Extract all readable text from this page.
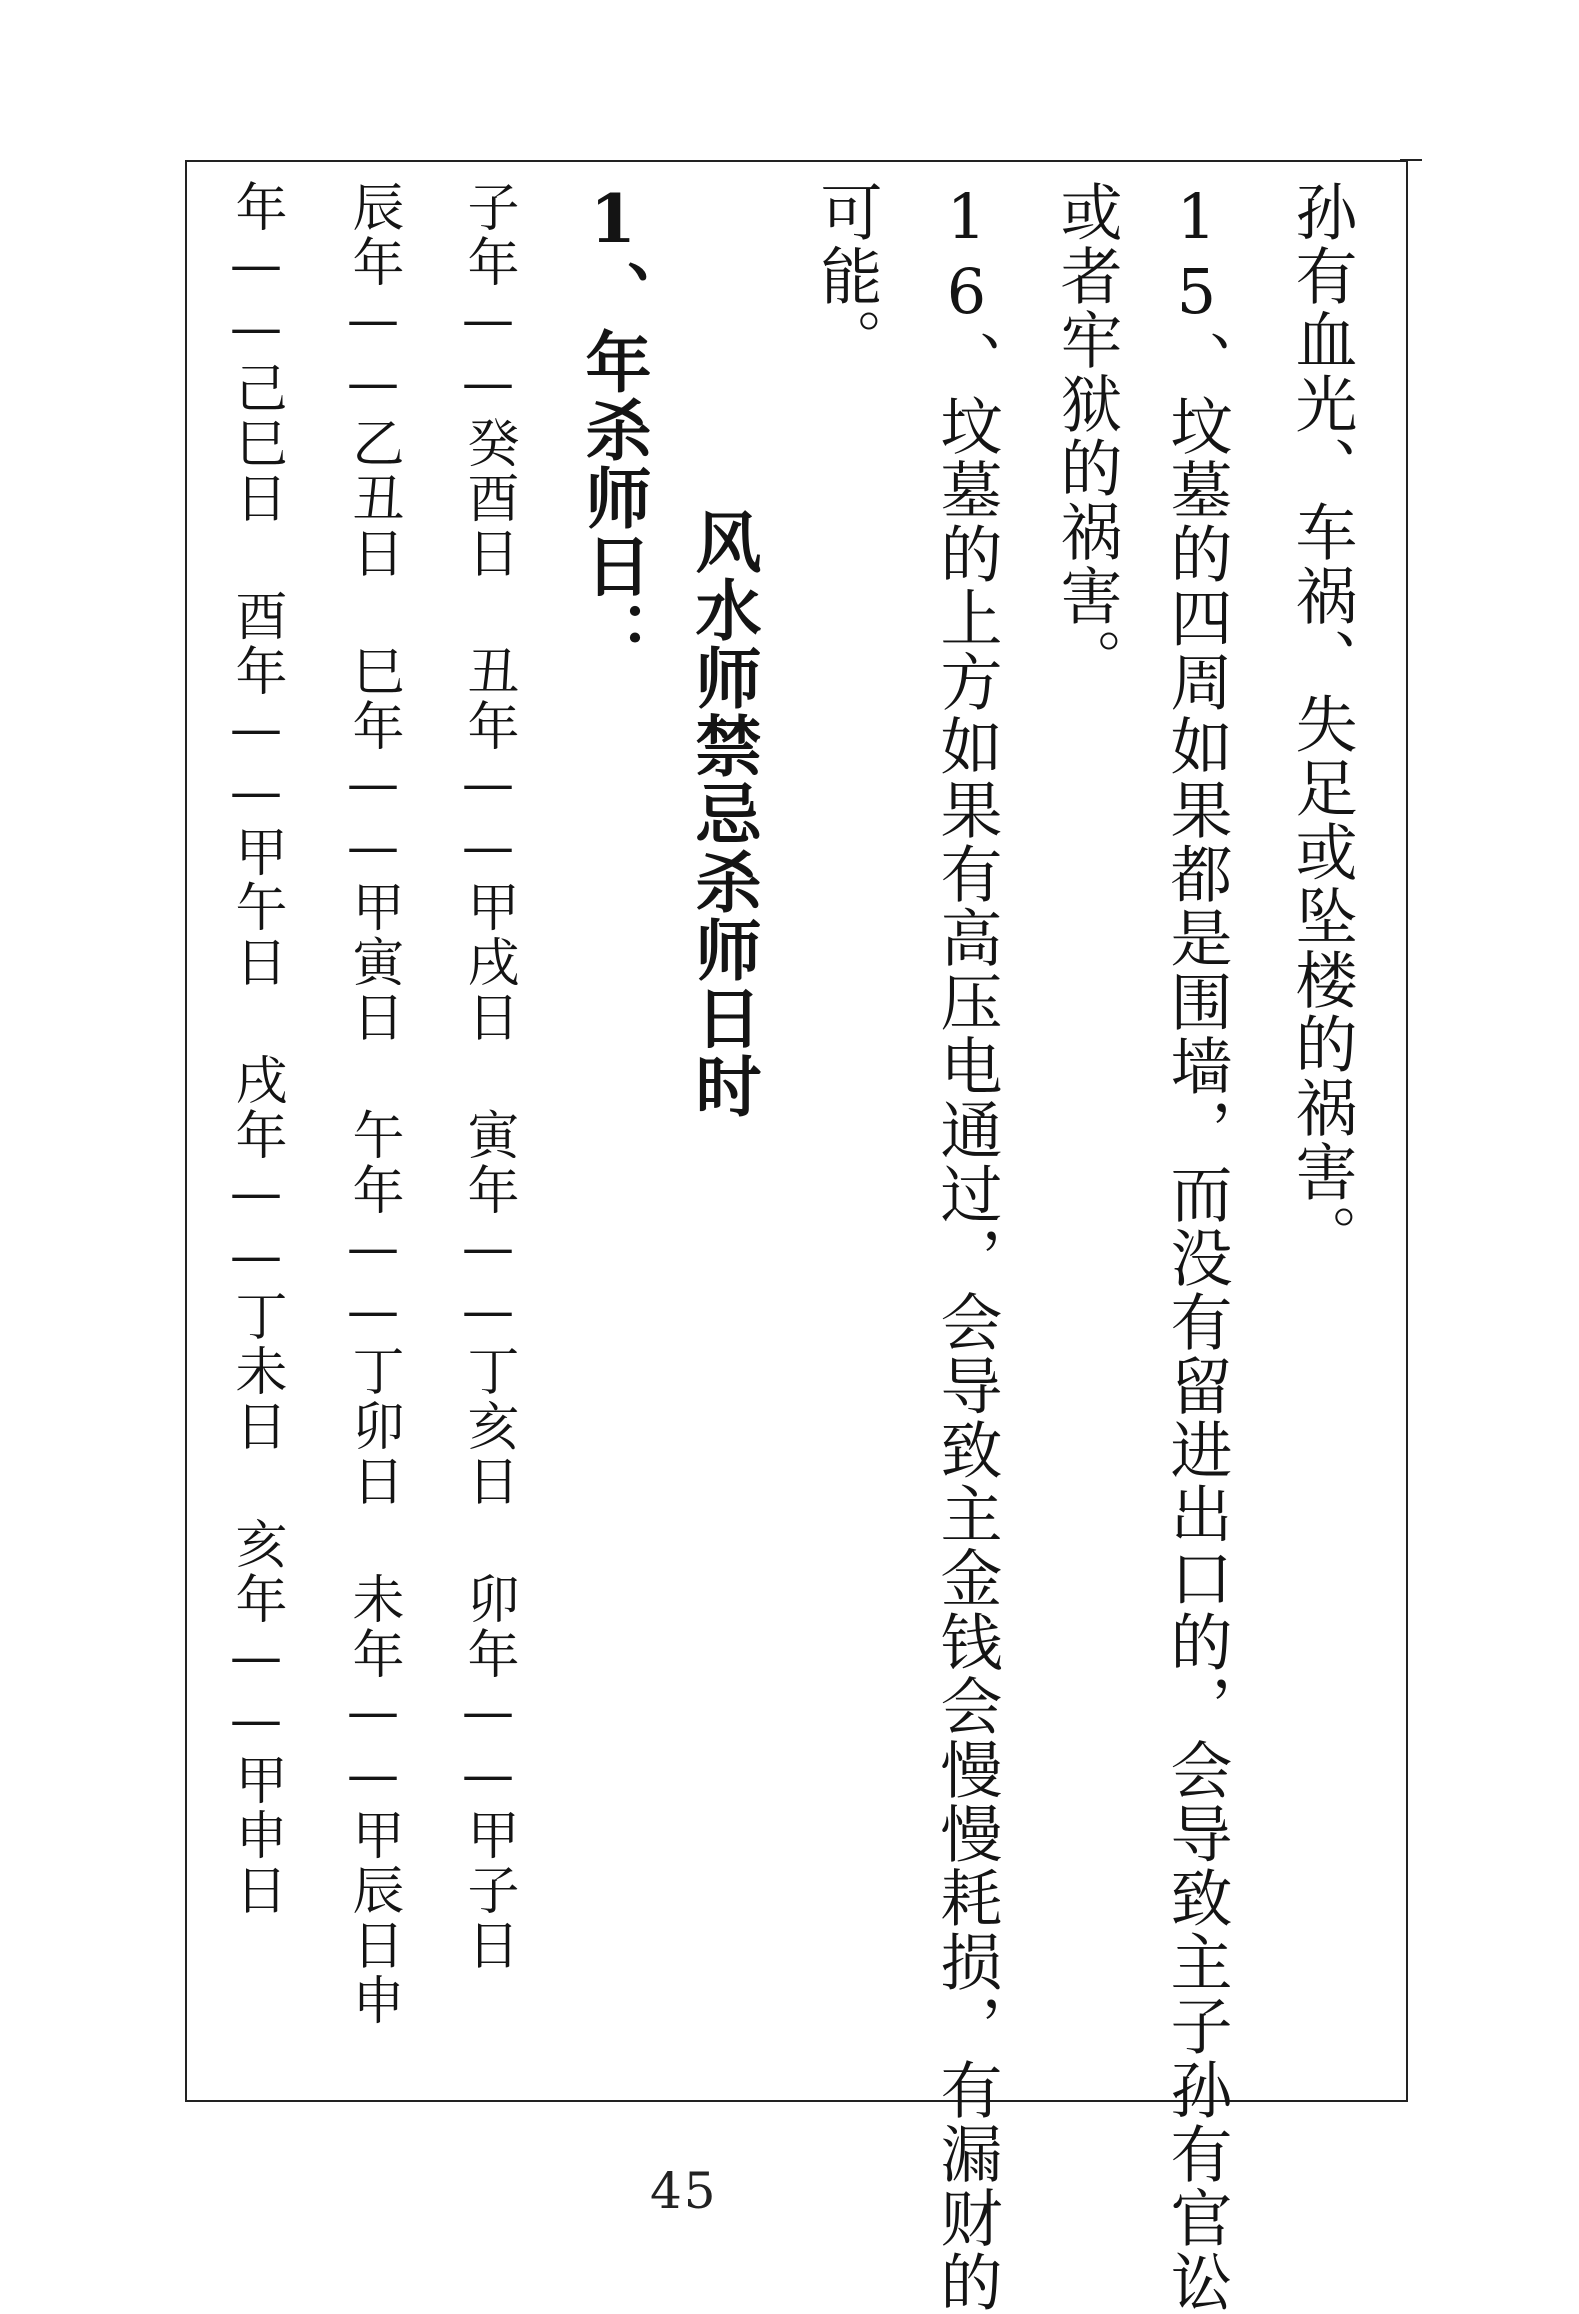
孙有血光、车祸、失足或坠楼的祸害。

15、坟墓的四周如果都是围墙，而没有留进出口的，会导致主子孙有官讼

或者牢狱的祸害。

16、坟墓的上方如果有高压电通过，会导致主金钱会慢慢耗损，有漏财的

可能。

风水师禁忌杀师日时

1、年杀师日：

子年——癸酉日 丑年——甲戌日 寅年——丁亥日 卯年——甲子日

辰年——乙丑日 巳年——甲寅日 午年——丁卯日 未年——甲辰日申

年——己巳日 酉年——甲午日 戌年——丁未日 亥年——甲申日

45
